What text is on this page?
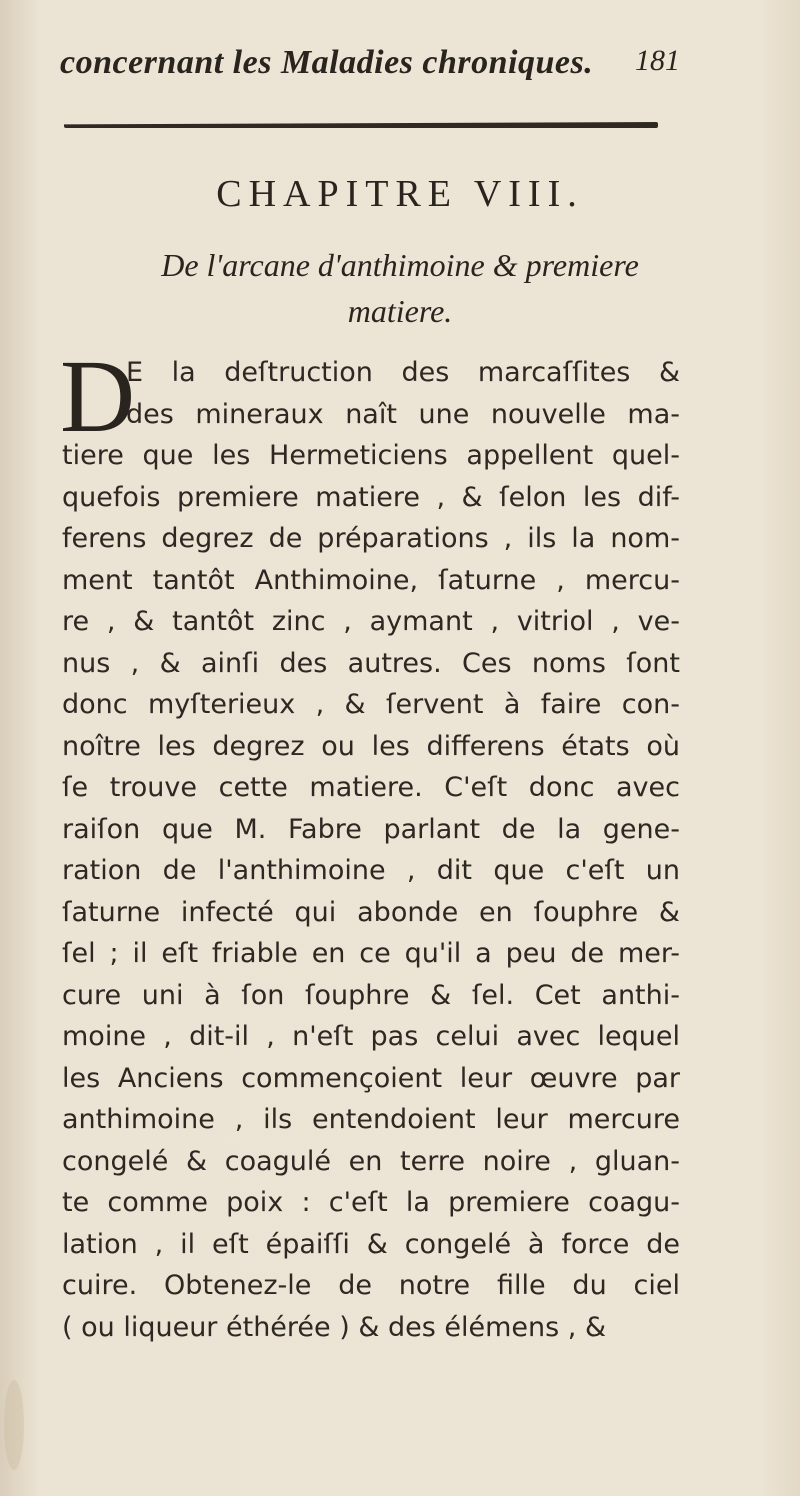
concernant les Maladies chroniques. 181
CHAPITRE VIII.
De l'arcane d'anthimoine & premiere
matiere.
D
E la deſtruction des marcaſſites &
des mineraux naît une nouvelle ma-
tiere que les Hermeticiens appellent quel-
quefois premiere matiere , & ſelon les dif-
ferens degrez de préparations , ils la nom-
ment tantôt Anthimoine, ſaturne , mercu-
re , & tantôt zinc , aymant , vitriol , ve-
nus , & ainſi des autres. Ces noms ſont
donc myſterieux , & ſervent à faire con-
noître les degrez ou les differens états où
ſe trouve cette matiere. C'eſt donc avec
raiſon que M. Fabre parlant de la gene-
ration de l'anthimoine , dit que c'eſt un
ſaturne infecté qui abonde en ſouphre &
ſel ; il eſt friable en ce qu'il a peu de mer-
cure uni à ſon ſouphre & ſel. Cet anthi-
moine , dit-il , n'eſt pas celui avec lequel
les Anciens commençoient leur œuvre par
anthimoine , ils entendoient leur mercure
congelé & coagulé en terre noire , gluan-
te comme poix : c'eſt la premiere coagu-
lation , il eſt épaiſſi & congelé à force de
cuire. Obtenez-le de notre fille du ciel
( ou liqueur éthérée ) & des élémens , &
